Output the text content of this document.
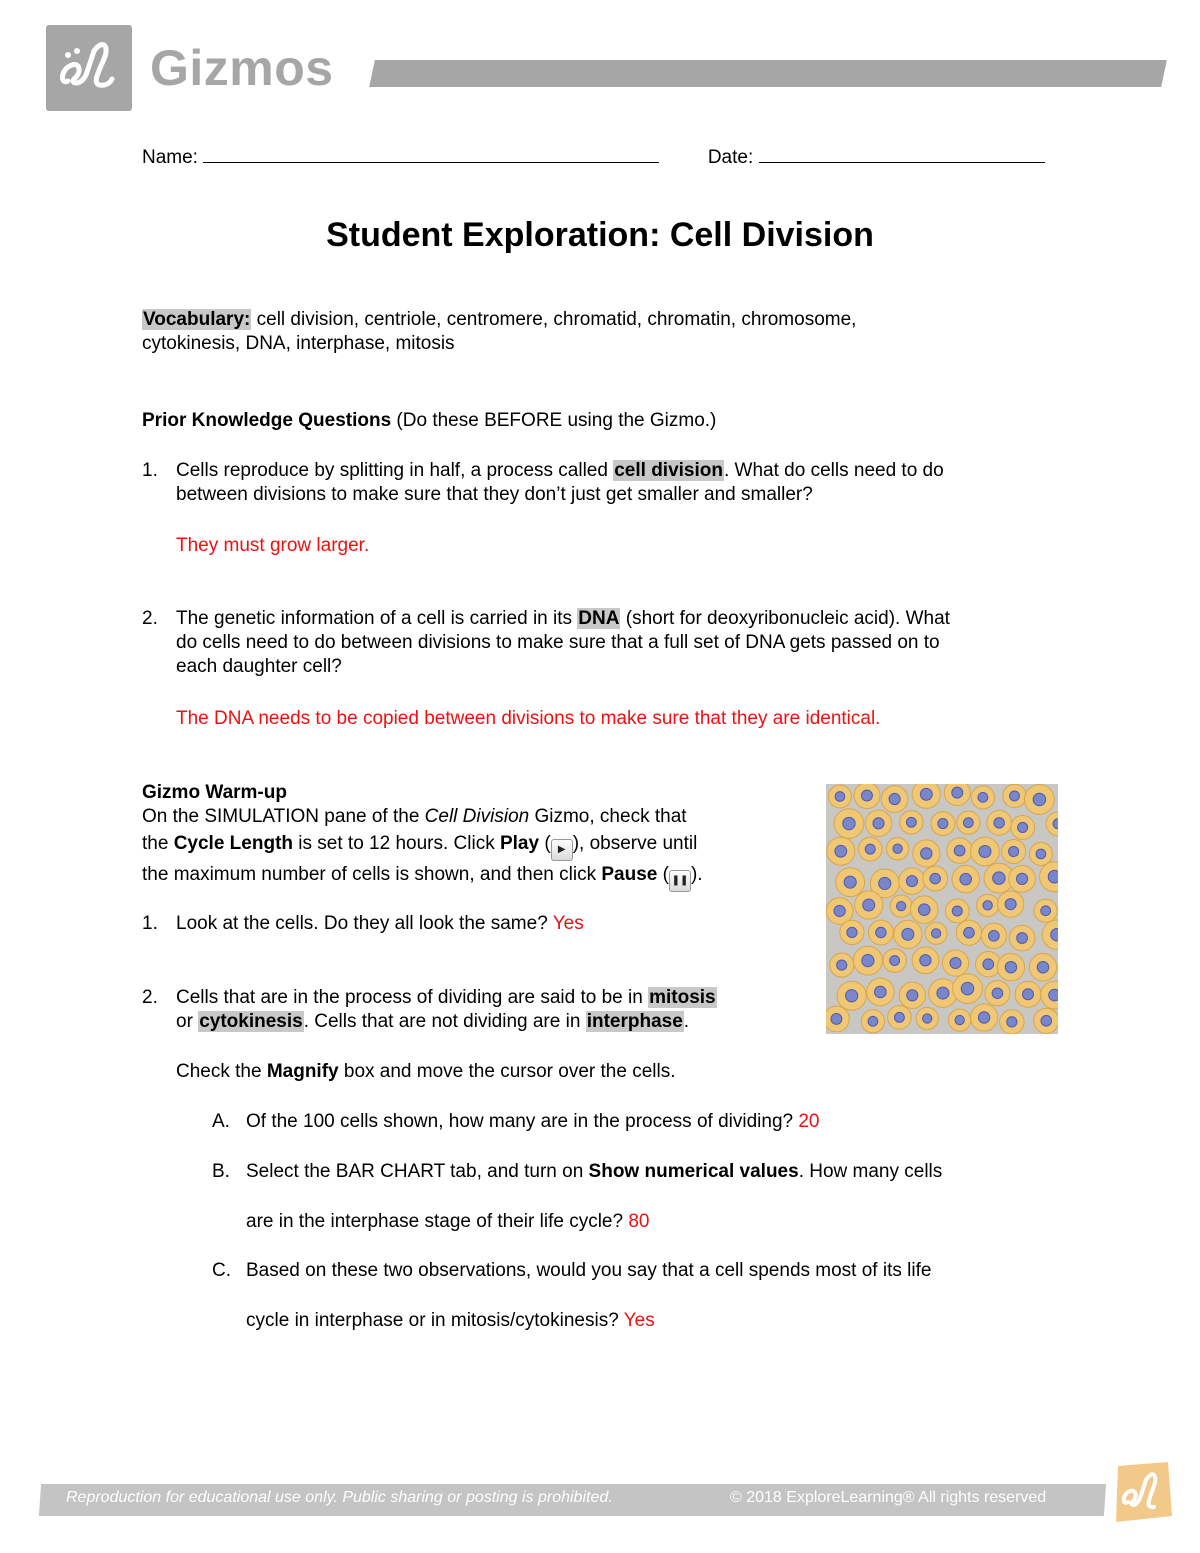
Gizmos
Name:	Date:
Student Exploration: Cell Division
Vocabulary: cell division, centriole, centromere, chromatid, chromatin, chromosome,
cytokinesis, DNA, interphase, mitosis
Prior Knowledge Questions (Do these BEFORE using the Gizmo.)
1. Cells reproduce by splitting in half, a process called cell division. What do cells need to do
between divisions to make sure that they don’t just get smaller and smaller?
They must grow larger.
2. The genetic information of a cell is carried in its DNA (short for deoxyribonucleic acid). What
do cells need to do between divisions to make sure that a full set of DNA gets passed on to
each daughter cell?
The DNA needs to be copied between divisions to make sure that they are identical.
Gizmo Warm-up
On the SIMULATION pane of the Cell Division Gizmo, check that
the Cycle Length is set to 12 hours. Click Play ( ▶ ), observe until
the maximum number of cells is shown, and then click Pause ( ❚❚ ).
1. Look at the cells. Do they all look the same? Yes
2. Cells that are in the process of dividing are said to be in mitosis
or cytokinesis. Cells that are not dividing are in interphase.
Check the Magnify box and move the cursor over the cells.
A. Of the 100 cells shown, how many are in the process of dividing? 20
B. Select the BAR CHART tab, and turn on Show numerical values. How many cells
are in the interphase stage of their life cycle? 80
C. Based on these two observations, would you say that a cell spends most of its life
cycle in interphase or in mitosis/cytokinesis? Yes
Reproduction for educational use only. Public sharing or posting is prohibited.	© 2018 ExploreLearning® All rights reserved
